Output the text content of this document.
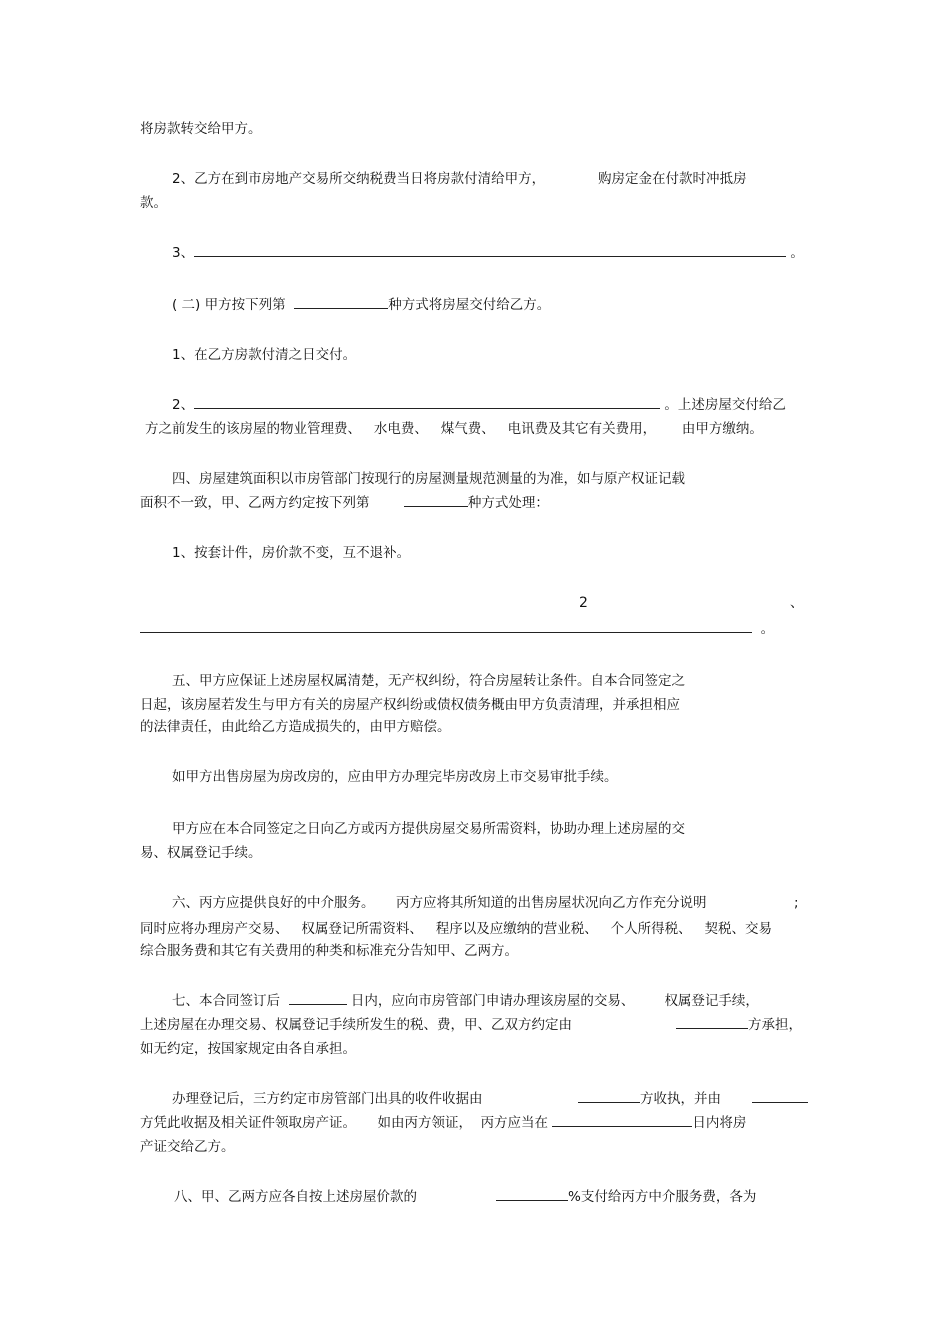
将房款转交给甲方。
2、乙方在到市房地产交易所交纳税费当日将房款付清给甲方，	购房定金在付款时冲抵房
款。
3、	。
( 二) 甲方按下列第	种方式将房屋交付给乙方。
1、在乙方房款付清之日交付。
2、	。上述房屋交付给乙
方之前发生的该房屋的物业管理费、 水电费、 煤气费、 电讯费及其它有关费用， 由甲方缴纳。
四、房屋建筑面积以市房管部门按现行的房屋测量规范测量的为准，如与原产权证记载
面积不一致，甲、乙两方约定按下列第	种方式处理：
1、按套计件，房价款不变，互不退补。
2	、
。
五、甲方应保证上述房屋权属清楚，无产权纠纷，符合房屋转让条件。自本合同签定之
日起，该房屋若发生与甲方有关的房屋产权纠纷或债权债务概由甲方负责清理，并承担相应
的法律责任，由此给乙方造成损失的，由甲方赔偿。
如甲方出售房屋为房改房的，应由甲方办理完毕房改房上市交易审批手续。
甲方应在本合同签定之日向乙方或丙方提供房屋交易所需资料，协助办理上述房屋的交
易、权属登记手续。
六、丙方应提供良好的中介服务。 丙方应将其所知道的出售房屋状况向乙方作充分说明	;
同时应将办理房产交易、 权属登记所需资料、 程序以及应缴纳的营业税、 个人所得税、 契税、交易
综合服务费和其它有关费用的种类和标准充分告知甲、乙两方。
七、本合同签订后	日内，应向市房管部门申请办理该房屋的交易、 权属登记手续，
上述房屋在办理交易、权属登记手续所发生的税、费，甲、乙双方约定由	方承担，
如无约定，按国家规定由各自承担。
办理登记后，三方约定市房管部门出具的收件收据由	方收执，并由
方凭此收据及相关证件领取房产证。 如由丙方领证， 丙方应当在	日内将房
产证交给乙方。
八、甲、乙两方应各自按上述房屋价款的	%支付给丙方中介服务费，各为
